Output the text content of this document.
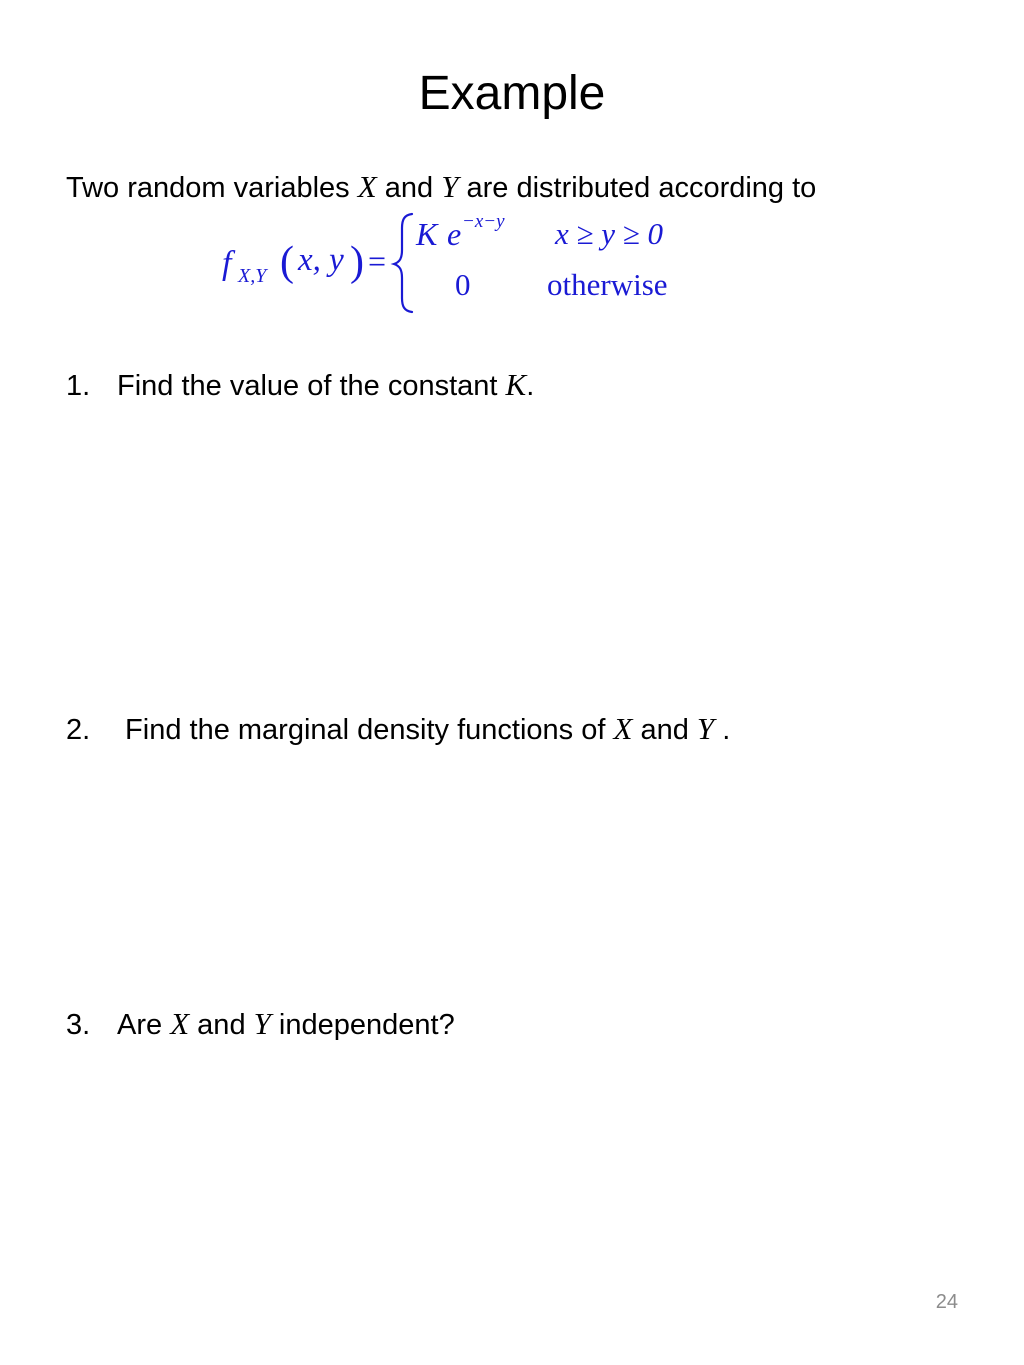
Example
Two random variables X and Y are distributed according to
f X,Y ( x, y ) =
K e −x−y x ≥ y ≥ 0
0 otherwise
1. Find the value of the constant K.
2. Find the marginal density functions of X and Y .
3. Are X and Y independent?
24
